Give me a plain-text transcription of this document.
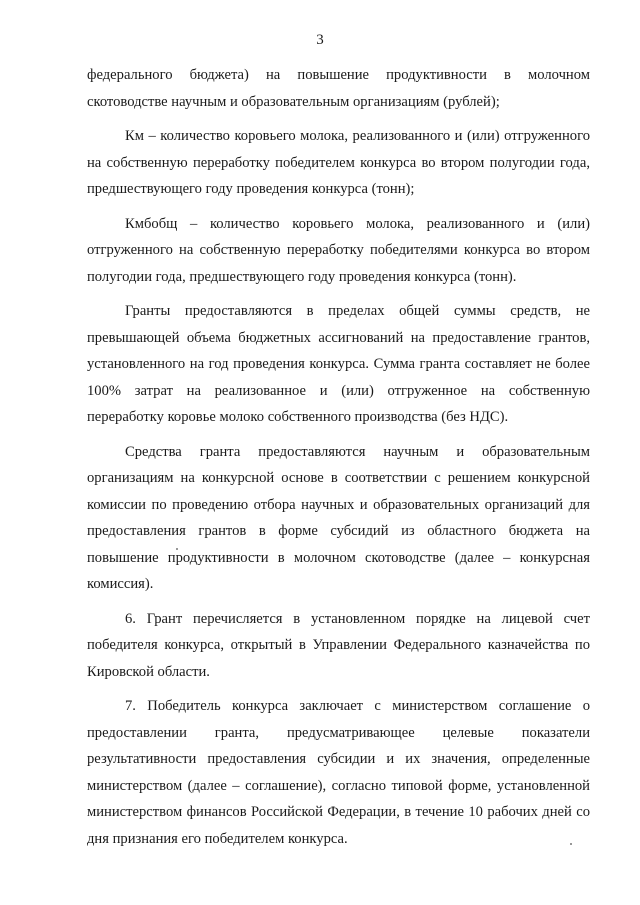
3

федерального бюджета) на повышение продуктивности в молочном скотоводстве научным и образовательным организациям (рублей);

Км – количество коровьего молока, реализованного и (или) отгруженного на собственную переработку победителем конкурса во втором полугодии года, предшествующего году проведения конкурса (тонн);

Кмбобщ – количество коровьего молока, реализованного и (или) отгруженного на собственную переработку победителями конкурса во втором полугодии года, предшествующего году проведения конкурса (тонн).

Гранты предоставляются в пределах общей суммы средств, не превышающей объема бюджетных ассигнований на предоставление грантов, установленного на год проведения конкурса. Сумма гранта составляет не более 100% затрат на реализованное и (или) отгруженное на собственную переработку коровье молоко собственного производства (без НДС).

Средства гранта предоставляются научным и образовательным организациям на конкурсной основе в соответствии с решением конкурсной комиссии по проведению отбора научных и образовательных организаций для предоставления грантов в форме субсидий из областного бюджета на повышение продуктивности в молочном скотоводстве (далее – конкурсная комиссия).

6. Грант перечисляется в установленном порядке на лицевой счет победителя конкурса, открытый в Управлении Федерального казначейства по Кировской области.

7. Победитель конкурса заключает с министерством соглашение о предоставлении гранта, предусматривающее целевые показатели результативности предоставления субсидии и их значения, определенные министерством (далее – соглашение), согласно типовой форме, установленной министерством финансов Российской Федерации, в течение 10 рабочих дней со дня признания его победителем конкурса.
